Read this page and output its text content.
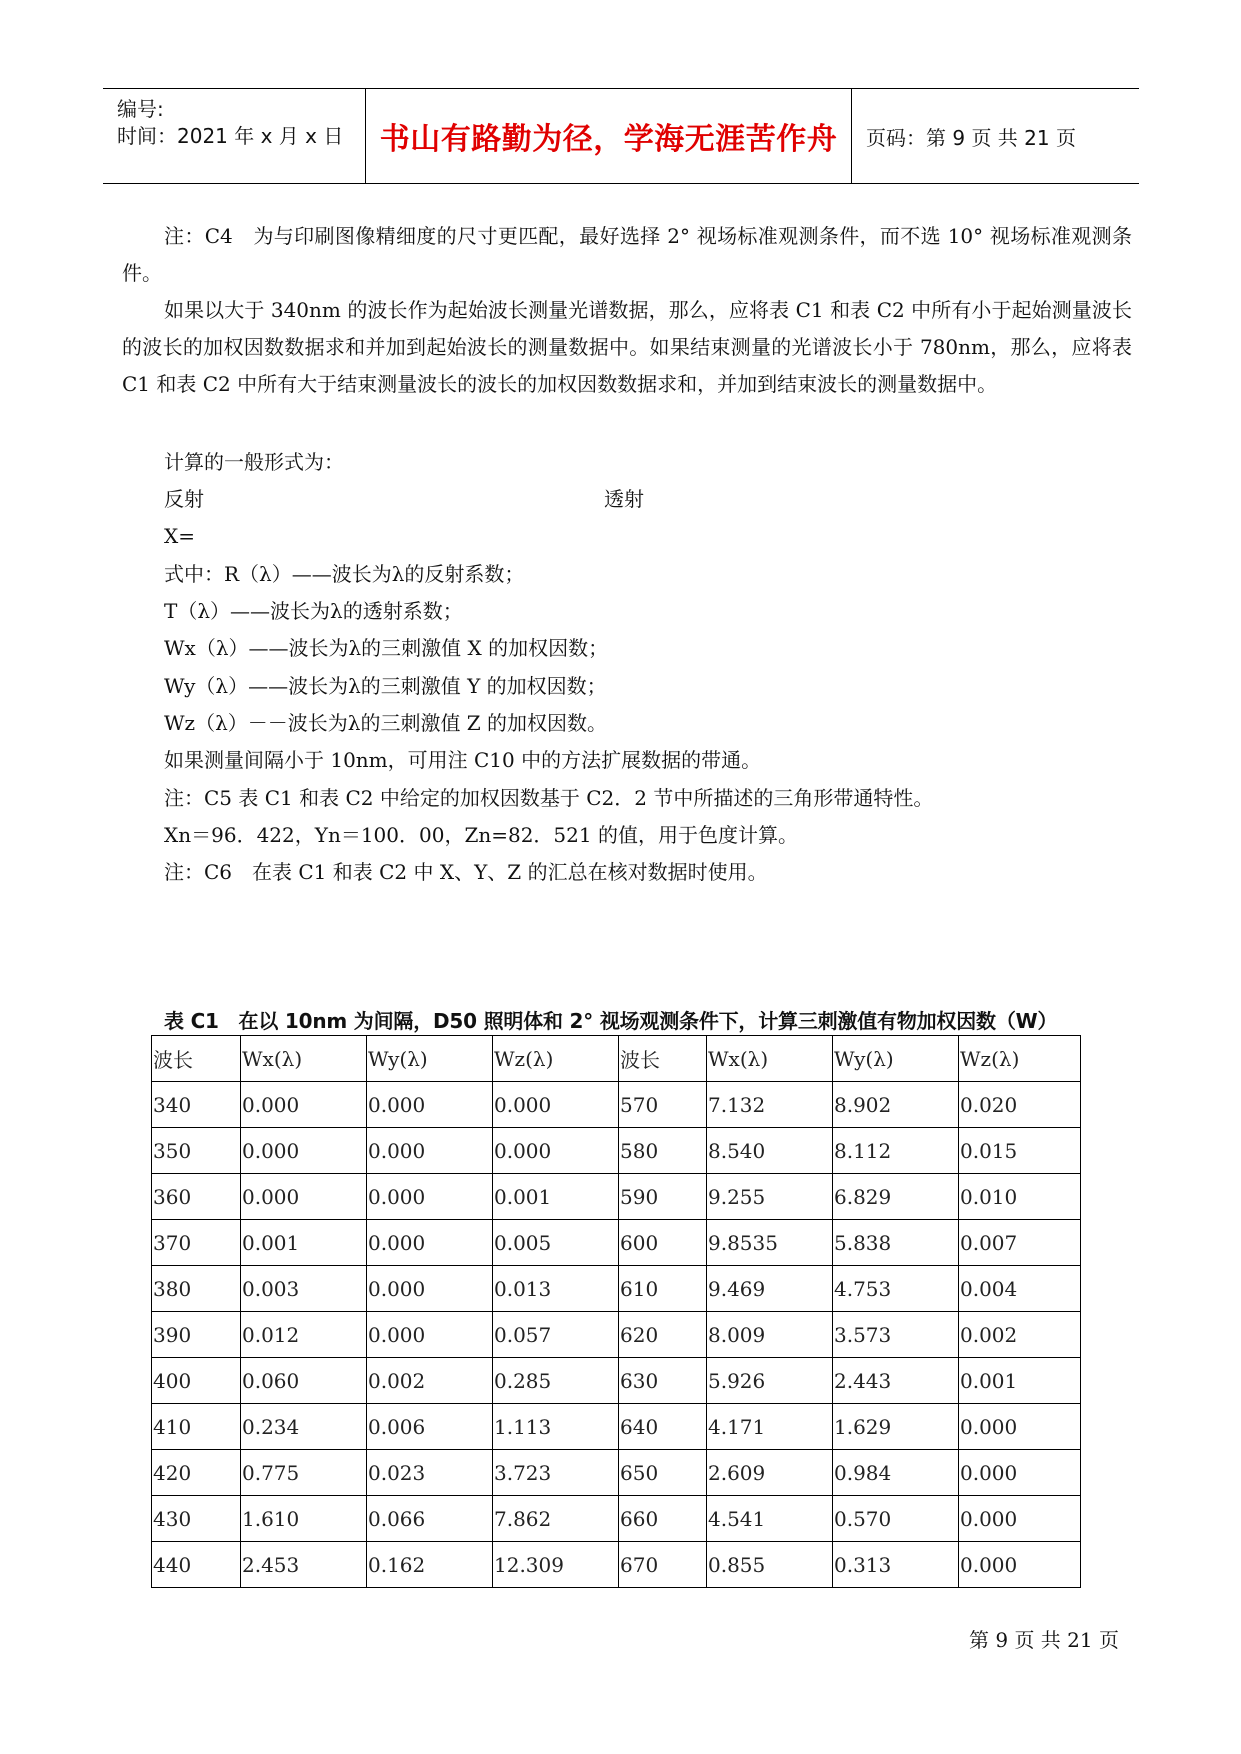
编号:
时间：2021 年 x 月 x 日 书山有路勤为径，学海无涯苦作舟 页码：第 9 页 共 21 页
注：C4　为与印刷图像精细度的尺寸更匹配，最好选择 2° 视场标准观测条件，而不选 10° 视场标准观测条件。
如果以大于 340nm 的波长作为起始波长测量光谱数据，那么，应将表 C1 和表 C2 中所有小于起始测量波长的波长的加权因数数据求和并加到起始波长的测量数据中。如果结束测量的光谱波长小于 780nm，那么，应将表 C1 和表 C2 中所有大于结束测量波长的波长的加权因数数据求和，并加到结束波长的测量数据中。
计算的一般形式为：
反射	透射
X=
式中：R（λ）——波长为λ的反射系数；
T（λ）——波长为λ的透射系数；
Wx（λ）——波长为λ的三刺激值 X 的加权因数；
Wy（λ）——波长为λ的三刺激值 Y 的加权因数；
Wz（λ）－－波长为λ的三刺激值 Z 的加权因数。
如果测量间隔小于 10nm，可用注 C10 中的方法扩展数据的带通。
注：C5 表 C1 和表 C2 中给定的加权因数基于 C2．2 节中所描述的三角形带通特性。
Xn＝96．422，Yn＝100．00，Zn=82．521 的值，用于色度计算。
注：C6　在表 C1 和表 C2 中 X、Y、Z 的汇总在核对数据时使用。
表 C1　在以 10nm 为间隔，D50 照明体和 2° 视场观测条件下，计算三刺激值有物加权因数（W）
波长	Wx(λ)	Wy(λ)	Wz(λ)	波长	Wx(λ)	Wy(λ)	Wz(λ)
340	0.000	0.000	0.000	570	7.132	8.902	0.020
350	0.000	0.000	0.000	580	8.540	8.112	0.015
360	0.000	0.000	0.001	590	9.255	6.829	0.010
370	0.001	0.000	0.005	600	9.8535	5.838	0.007
380	0.003	0.000	0.013	610	9.469	4.753	0.004
390	0.012	0.000	0.057	620	8.009	3.573	0.002
400	0.060	0.002	0.285	630	5.926	2.443	0.001
410	0.234	0.006	1.113	640	4.171	1.629	0.000
420	0.775	0.023	3.723	650	2.609	0.984	0.000
430	1.610	0.066	7.862	660	4.541	0.570	0.000
440	2.453	0.162	12.309	670	0.855	0.313	0.000
第 9 页 共 21 页
